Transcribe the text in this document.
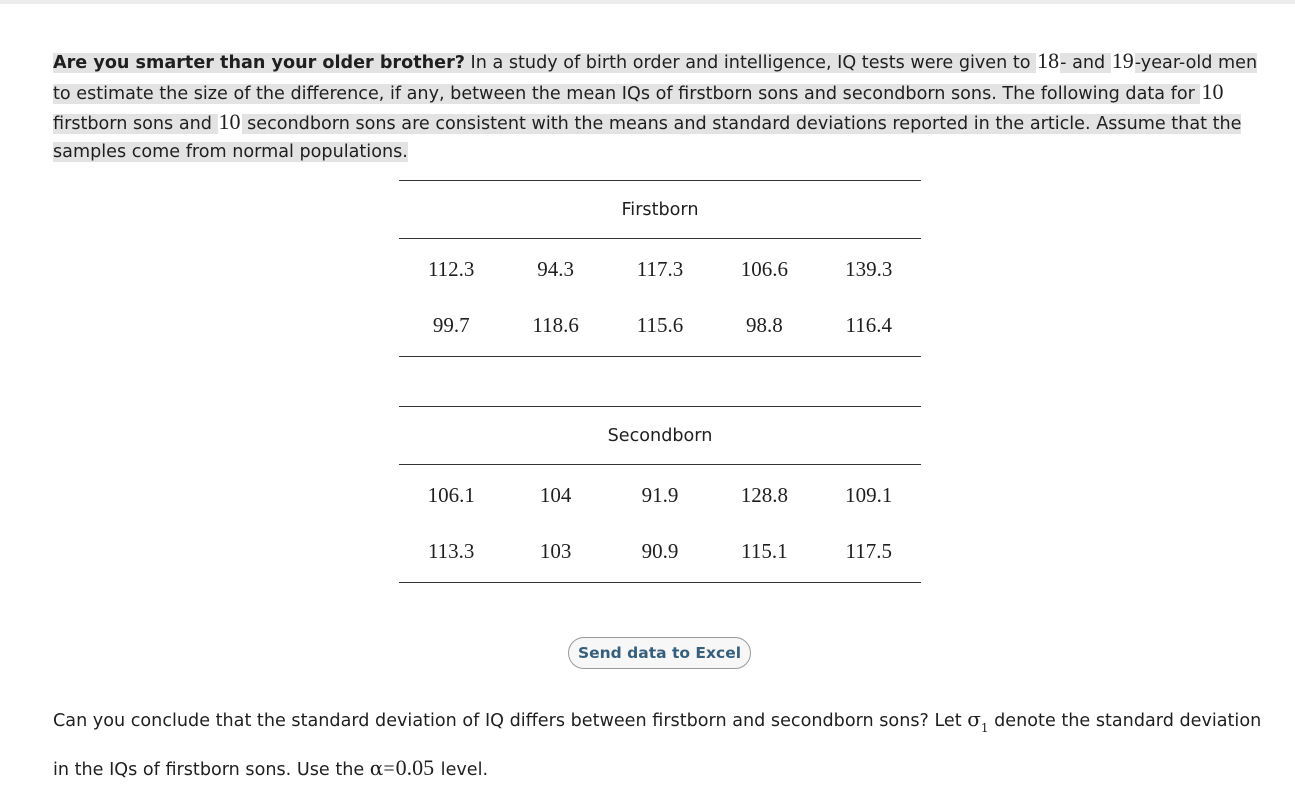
Are you smarter than your older brother? In a study of birth order and intelligence, IQ tests were given to 18- and 19-year-old men to estimate the size of the difference, if any, between the mean IQs of firstborn sons and secondborn sons. The following data for 10 firstborn sons and 10 secondborn sons are consistent with the means and standard deviations reported in the article. Assume that the samples come from normal populations.

Firstborn				
112.3	94.3	117.3	106.6	139.3
99.7	118.6	115.6	98.8	116.4
Secondborn				
106.1	104	91.9	128.8	109.1
113.3	103	90.9	115.1	117.5
Send data to Excel

Can you conclude that the standard deviation of IQ differs between firstborn and secondborn sons? Let $\sigma_1$ denote the standard deviation in the IQs of firstborn sons. Use the α=0.05 level.
